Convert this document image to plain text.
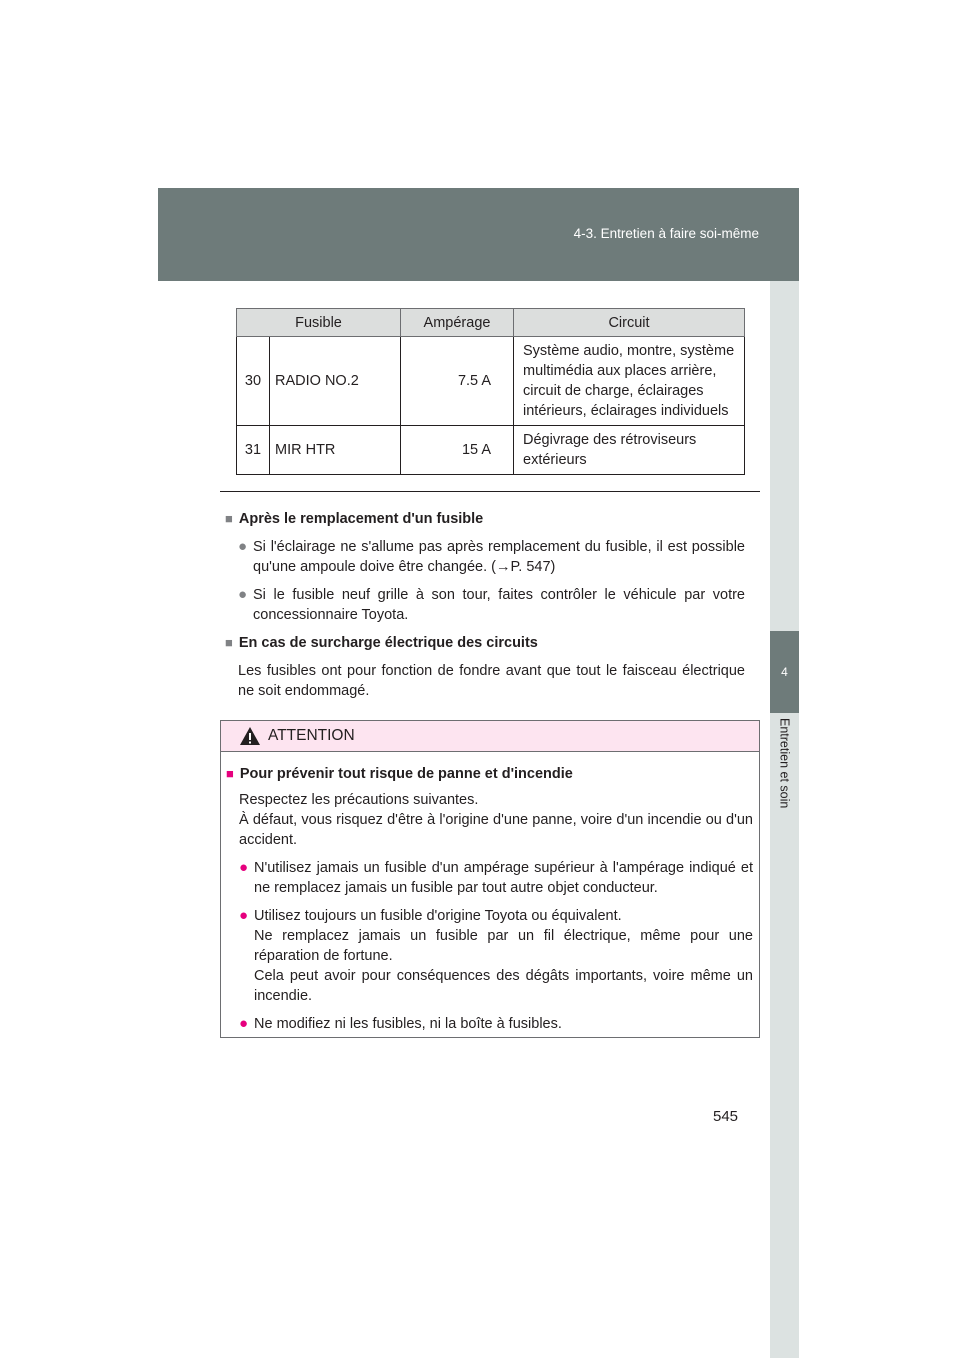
4-3. Entretien à faire soi-même
4
Entretien et soin
Fusible		Ampérage	Circuit
30	RADIO NO.2	7.5 A	Système audio, montre, système
multimédia aux places arrière,
circuit de charge, éclairages
intérieurs, éclairages individuels

31	MIR HTR	15 A	Dégivrage des rétroviseurs
extérieurs
■ Après le remplacement d'un fusible
● Si l'éclairage ne s'allume pas après remplacement du fusible, il est possible qu'une ampoule doive être changée. (→P. 547)
● Si le fusible neuf grille à son tour, faites contrôler le véhicule par votre concessionnaire Toyota.
■ En cas de surcharge électrique des circuits
Les fusibles ont pour fonction de fondre avant que tout le faisceau électrique ne soit endommagé.
ATTENTION
■ Pour prévenir tout risque de panne et d'incendie
Respectez les précautions suivantes.
À défaut, vous risquez d'être à l'origine d'une panne, voire d'un incendie ou d'un accident.
● N'utilisez jamais un fusible d'un ampérage supérieur à l'ampérage indiqué et ne remplacez jamais un fusible par tout autre objet conducteur.
● Utilisez toujours un fusible d'origine Toyota ou équivalent.
Ne remplacez jamais un fusible par un fil électrique, même pour une réparation de fortune.
Cela peut avoir pour conséquences des dégâts importants, voire même un incendie.
● Ne modifiez ni les fusibles, ni la boîte à fusibles.
545
